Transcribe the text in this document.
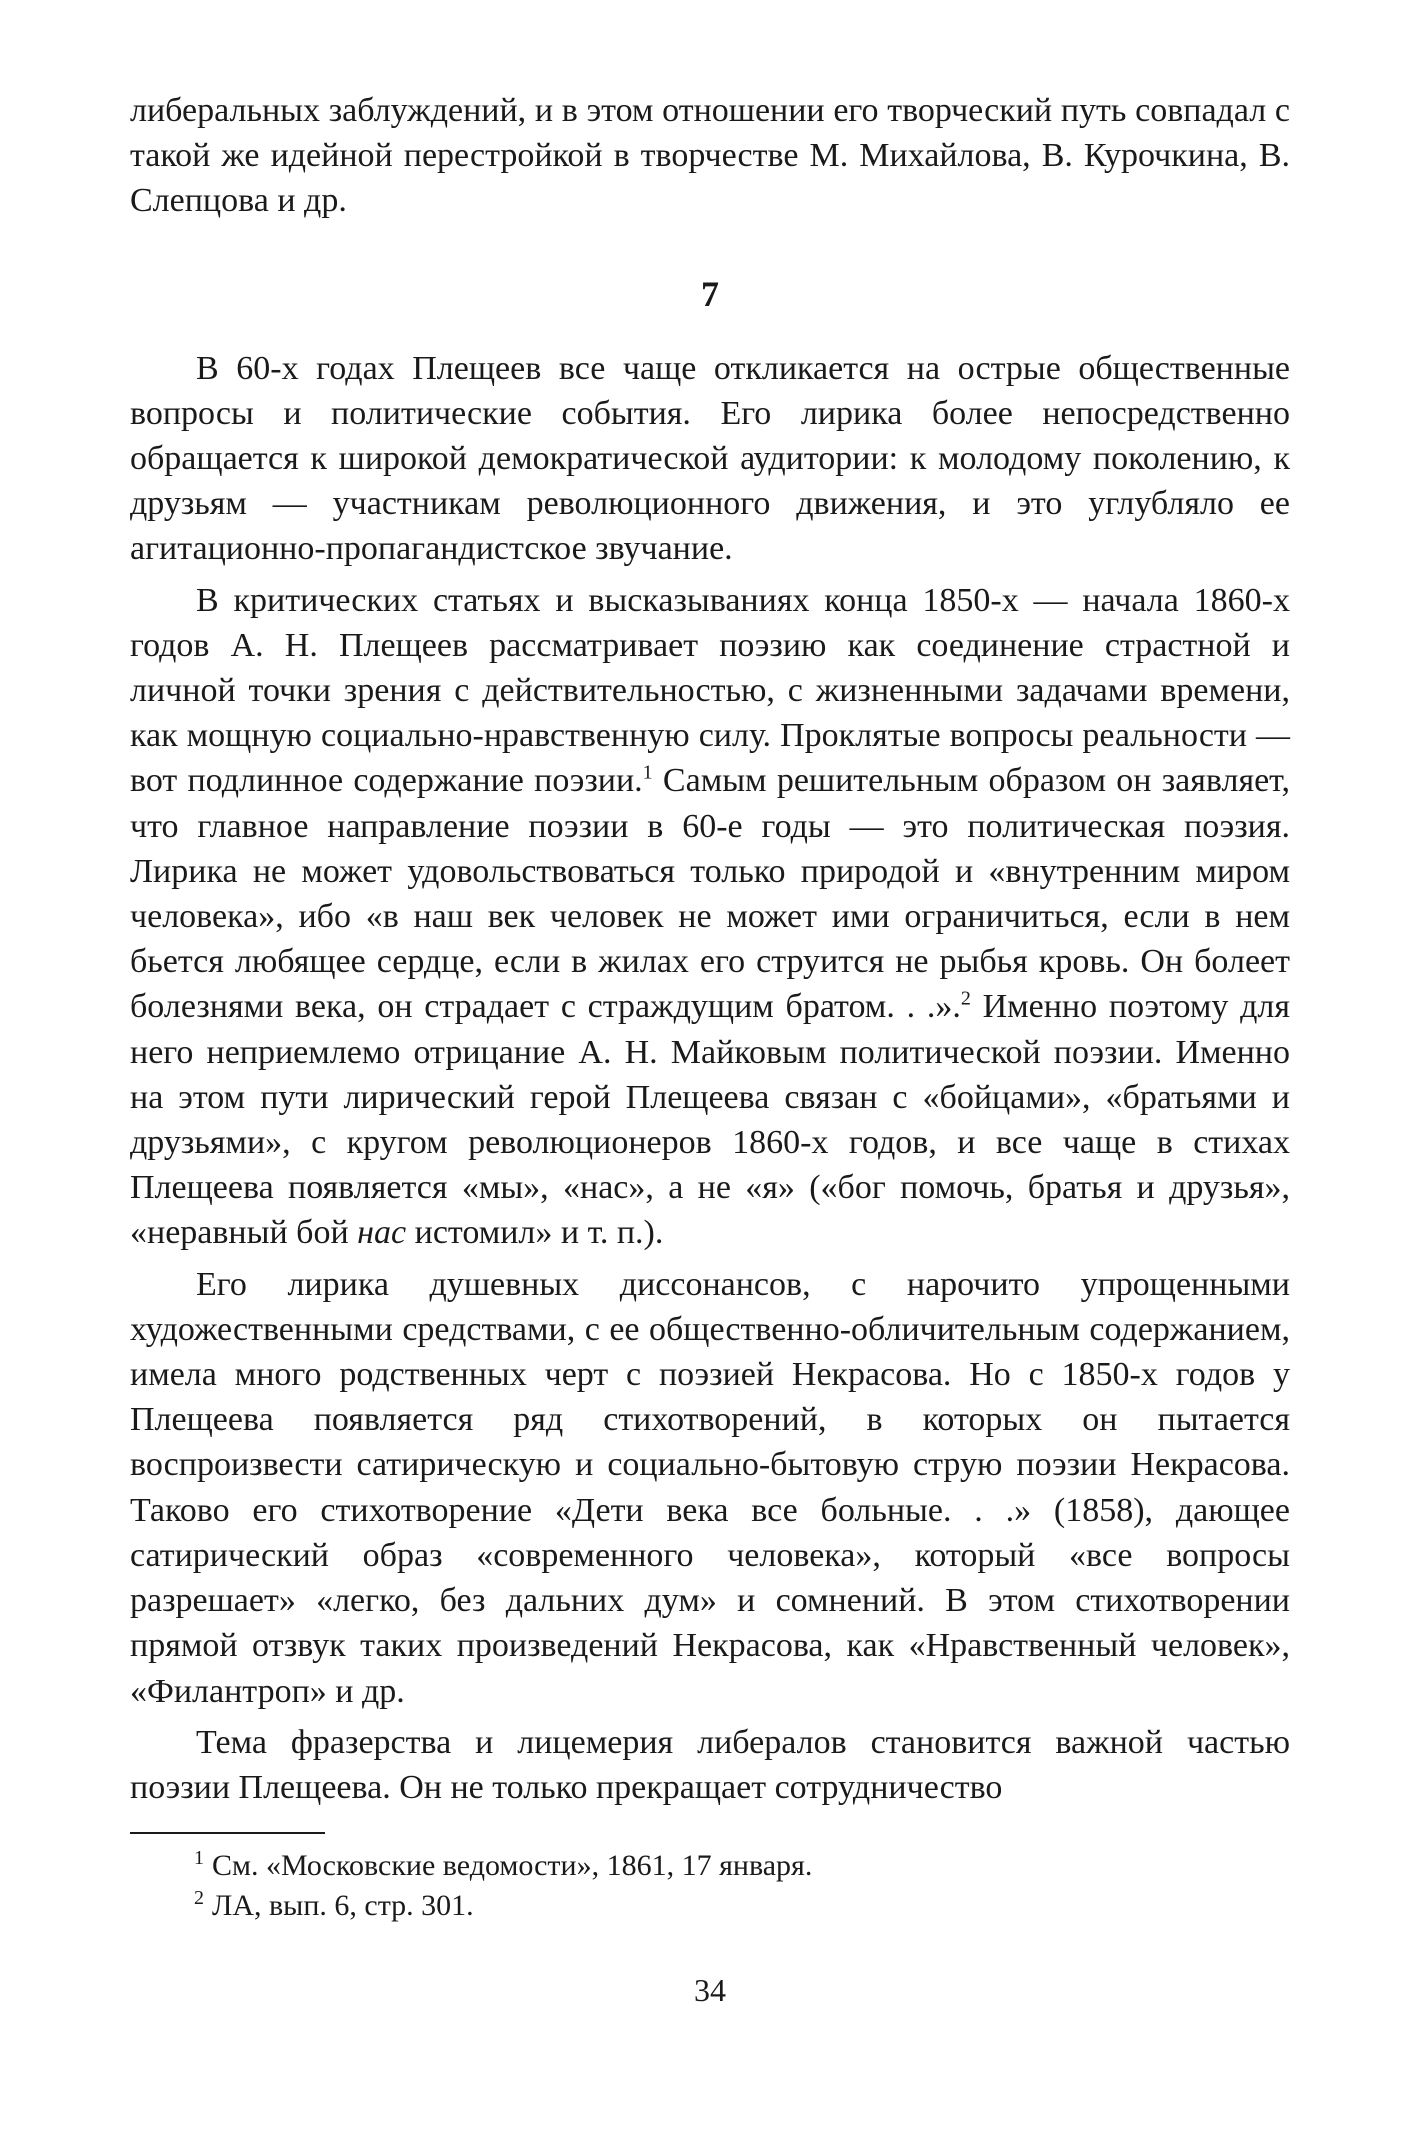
либеральных заблуждений, и в этом отношении его творческий путь совпадал с такой же идейной перестройкой в творчестве М. Михайлова, В. Курочкина, В. Слепцова и др.

7

В 60-х годах Плещеев все чаще откликается на острые общественные вопросы и политические события. Его лирика более непосредственно обращается к широкой демократической аудитории: к молодому поколению, к друзьям — участникам революционного движения, и это углубляло ее агитационно-пропагандистское звучание.

В критических статьях и высказываниях конца 1850-х — начала 1860-х годов А. Н. Плещеев рассматривает поэзию как соединение страстной и личной точки зрения с действительностью, с жизненными задачами времени, как мощную социально-нравственную силу. Проклятые вопросы реальности — вот подлинное содержание поэзии.$^1$ Самым решительным образом он заявляет, что главное направление поэзии в 60-е годы — это политическая поэзия. Лирика не может удовольствоваться только природой и «внутренним миром человека», ибо «в наш век человек не может ими ограничиться, если в нем бьется любящее сердце, если в жилах его струится не рыбья кровь. Он болеет болезнями века, он страдает с страждущим братом. . .».$^2$ Именно поэтому для него неприемлемо отрицание А. Н. Майковым политической поэзии. Именно на этом пути лирический герой Плещеева связан с «бойцами», «братьями и друзьями», с кругом революционеров 1860-х годов, и все чаще в стихах Плещеева появляется «мы», «нас», а не «я» («бог помочь, братья и друзья», «неравный бой нас истомил» и т. п.).

Его лирика душевных диссонансов, с нарочито упрощенными художественными средствами, с ее общественно-обличительным содержанием, имела много родственных черт с поэзией Некрасова. Но с 1850-х годов у Плещеева появляется ряд стихотворений, в которых он пытается воспроизвести сатирическую и социально-бытовую струю поэзии Некрасова. Таково его стихотворение «Дети века все больные. . .» (1858), дающее сатирический образ «современного человека», который «все вопросы разрешает» «легко, без дальних дум» и сомнений. В этом стихотворении прямой отзвук таких произведений Некрасова, как «Нравственный человек», «Филантроп» и др.

Тема фразерства и лицемерия либералов становится важной частью поэзии Плещеева. Он не только прекращает сотрудничество

$^1$ См. «Московские ведомости», 1861, 17 января.

$^2$ ЛА, вып. 6, стр. 301.

34
